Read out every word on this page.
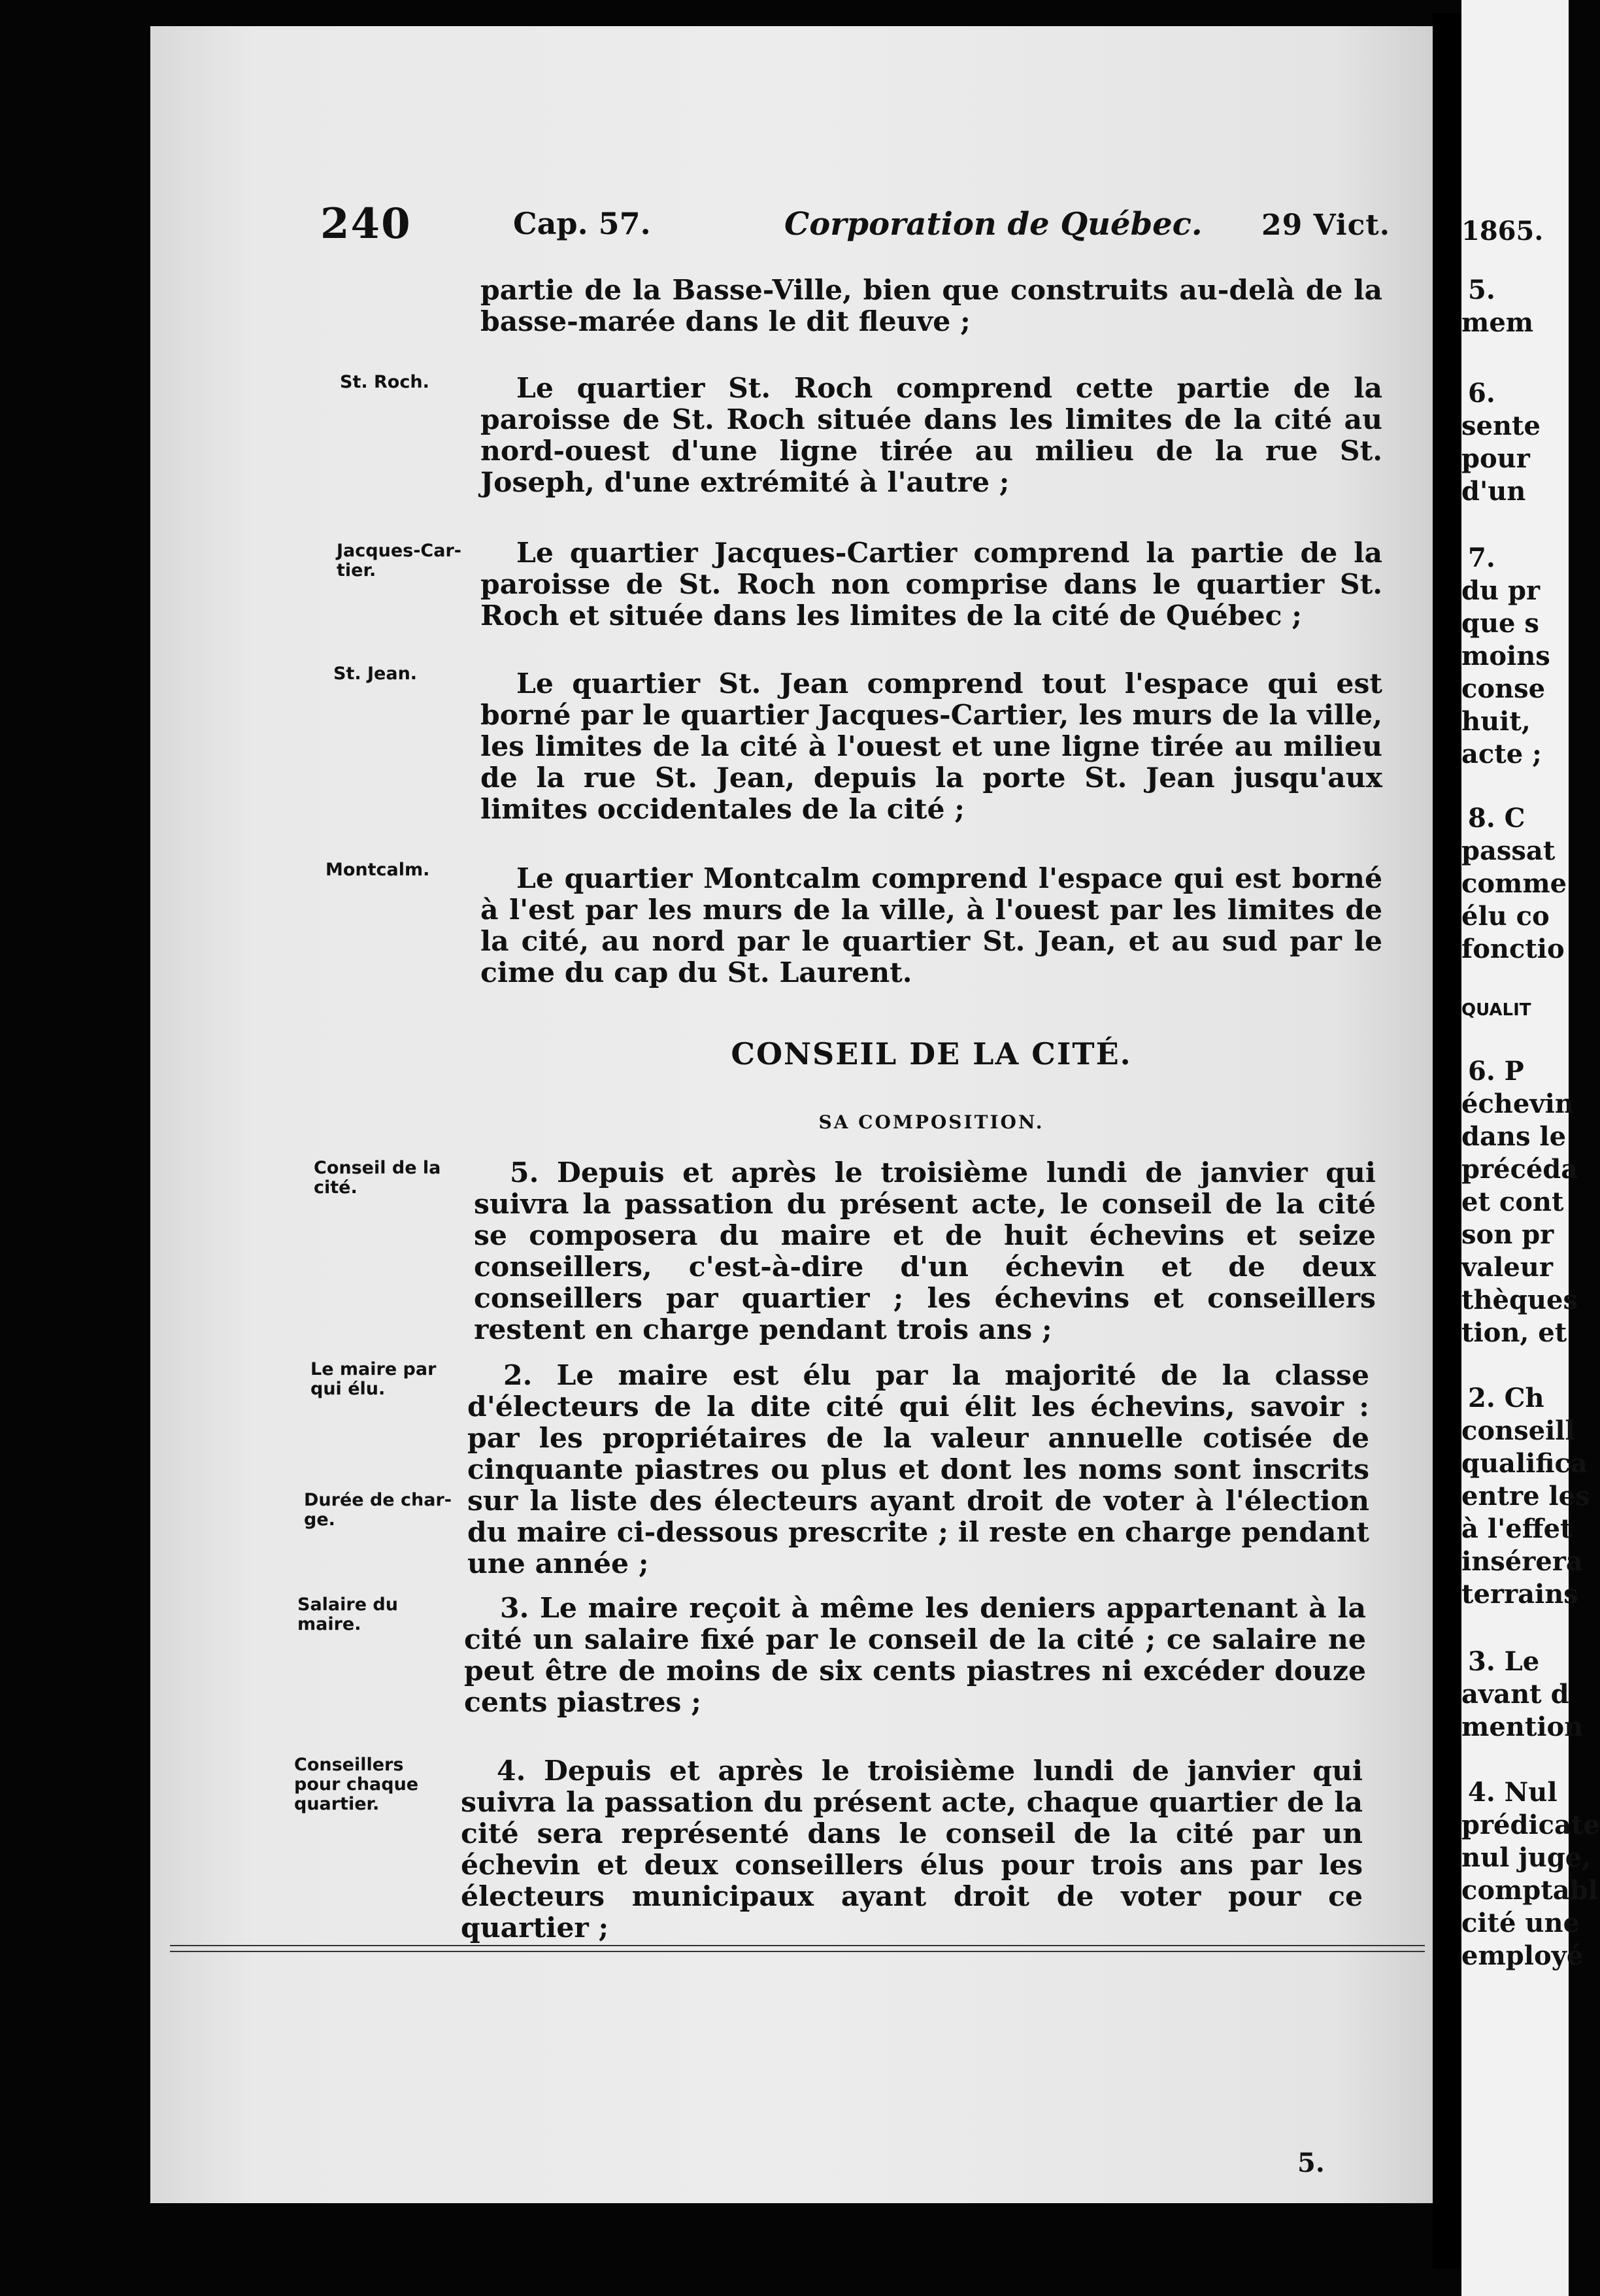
240	Cap. 57.	Corporation de Québec. 29 Vict.
St. Roch.
Jacques-Car- tier.
St. Jean.
Montcalm.
Conseil de la cité.
Le maire par qui élu.
Durée de char- ge.
Salaire du maire.
Conseillers pour chaque quartier.
partie de la Basse-Ville, bien que construits au-delà de la basse-marée dans le dit fleuve ;
Le quartier St. Roch comprend cette partie de la paroisse de St. Roch située dans les limites de la cité au nord-ouest d'une ligne tirée au milieu de la rue St. Joseph, d'une extrémité à l'autre ;
Le quartier Jacques-Cartier comprend la partie de la paroisse de St. Roch non comprise dans le quartier St. Roch et située dans les limites de la cité de Québec ;
Le quartier St. Jean comprend tout l'espace qui est borné par le quartier Jacques-Cartier, les murs de la ville, les limites de la cité à l'ouest et une ligne tirée au milieu de la rue St. Jean, depuis la porte St. Jean jusqu'aux limites occidentales de la cité ;
Le quartier Montcalm comprend l'espace qui est borné à l'est par les murs de la ville, à l'ouest par les limites de la cité, au nord par le quartier St. Jean, et au sud par le cime du cap du St. Laurent.
5. Depuis et après le troisième lundi de janvier qui suivra la passation du présent acte, le conseil de la cité se composera du maire et de huit échevins et seize conseillers, c'est-à-dire d'un échevin et de deux conseillers par quartier ; les échevins et conseillers restent en charge pendant trois ans ;
2. Le maire est élu par la majorité de la classe d'électeurs de la dite cité qui élit les échevins, savoir : par les propriétaires de la valeur annuelle cotisée de cinquante piastres ou plus et dont les noms sont inscrits sur la liste des électeurs ayant droit de voter à l'élection du maire ci-dessous prescrite ; il reste en charge pendant une année ;
3. Le maire reçoit à même les deniers appartenant à la cité un salaire fixé par le conseil de la cité ; ce salaire ne peut être de moins de six cents piastres ni excéder douze cents piastres ;
4. Depuis et après le troisième lundi de janvier qui suivra la passation du présent acte, chaque quartier de la cité sera représenté dans le conseil de la cité par un échevin et deux conseillers élus pour trois ans par les électeurs municipaux ayant droit de voter pour ce quartier ;
CONSEIL DE LA CITÉ.
SA COMPOSITION.
5.
1865.
5.
mem
6.
sente
pour
d'un
7.
du pr
que s
moins
conse
huit,
acte ;
8. C
passat
comme
élu co
fonctio
QUALIT
6. P
échevin
dans le
précéda
et cont
son pr
valeur
thèques
tion, et
2. Ch
conseill
qualifica
entre les
à l'effet
insérera
terrains
3. Le
avant d
mention
4. Nul
prédicate
nul juge,
comptabl
cité une
employé
